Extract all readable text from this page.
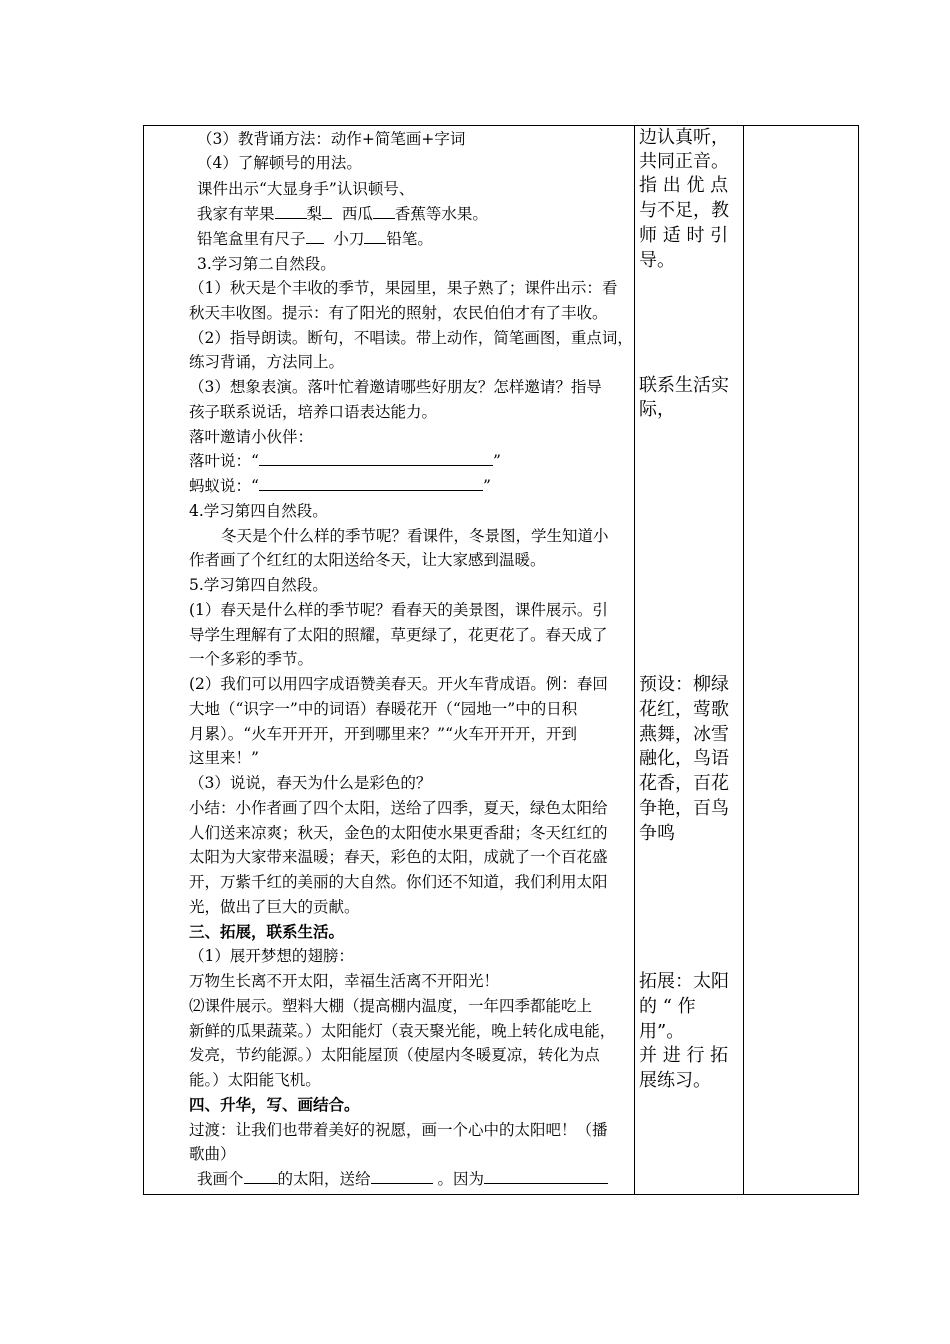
（3）教背诵方法：动作+简笔画+字词
（4）了解顿号的用法。
课件出示“大显身手”认识顿号、
我家有苹果 梨 西瓜 香蕉等水果。
铅笔盒里有尺子 小刀 铅笔。
3.学习第二自然段。
（1）秋天是个丰收的季节，果园里，果子熟了；课件出示：看
秋天丰收图。提示：有了阳光的照射，农民伯伯才有了丰收。
（2）指导朗读。断句，不唱读。带上动作，简笔画图，重点词，
练习背诵，方法同上。
（3）想象表演。落叶忙着邀请哪些好朋友？怎样邀请？指导
孩子联系说话，培养口语表达能力。
落叶邀请小伙伴：
落叶说：“	”
蚂蚁说：“	”
4.学习第四自然段。
冬天是个什么样的季节呢？看课件，冬景图，学生知道小
作者画了个红红的太阳送给冬天，让大家感到温暖。
5.学习第四自然段。
(1）春天是什么样的季节呢？看春天的美景图，课件展示。引
导学生理解有了太阳的照耀，草更绿了，花更花了。春天成了
一个多彩的季节。
(2）我们可以用四字成语赞美春天。开火车背成语。例：春回
大地（“识字一”中的词语）春暖花开（“园地一”中的日积
月累）。“火车开开开，开到哪里来？”“火车开开开，开到
这里来！”
（3）说说，春天为什么是彩色的？
小结：小作者画了四个太阳，送给了四季，夏天，绿色太阳给
人们送来凉爽；秋天，金色的太阳使水果更香甜；冬天红红的
太阳为大家带来温暖；春天，彩色的太阳，成就了一个百花盛
开，万紫千红的美丽的大自然。你们还不知道，我们利用太阳
光，做出了巨大的贡献。
三、拓展，联系生活。
（1）展开梦想的翅膀：
万物生长离不开太阳，幸福生活离不开阳光！
⑵课件展示。塑料大棚（提高棚内温度，一年四季都能吃上
新鲜的瓜果蔬菜。）太阳能灯（袁天聚光能，晚上转化成电能，
发亮，节约能源。）太阳能屋顶（使屋内冬暖夏凉，转化为点
能。）太阳能飞机。
四、升华，写、画结合。
过渡：让我们也带着美好的祝愿，画一个心中的太阳吧！（播
歌曲）
我画个 的太阳，送给	。因为

边认真听，
共同正音。
指 出 优 点
与不足，教
师 适 时 引
导。
联系生活实
际，
预设：柳绿
花红，莺歌
燕舞，冰雪
融化，鸟语
花香，百花
争艳，百鸟
争鸣
拓展：太阳
的 “ 作
用”。
并 进 行 拓
展练习。
